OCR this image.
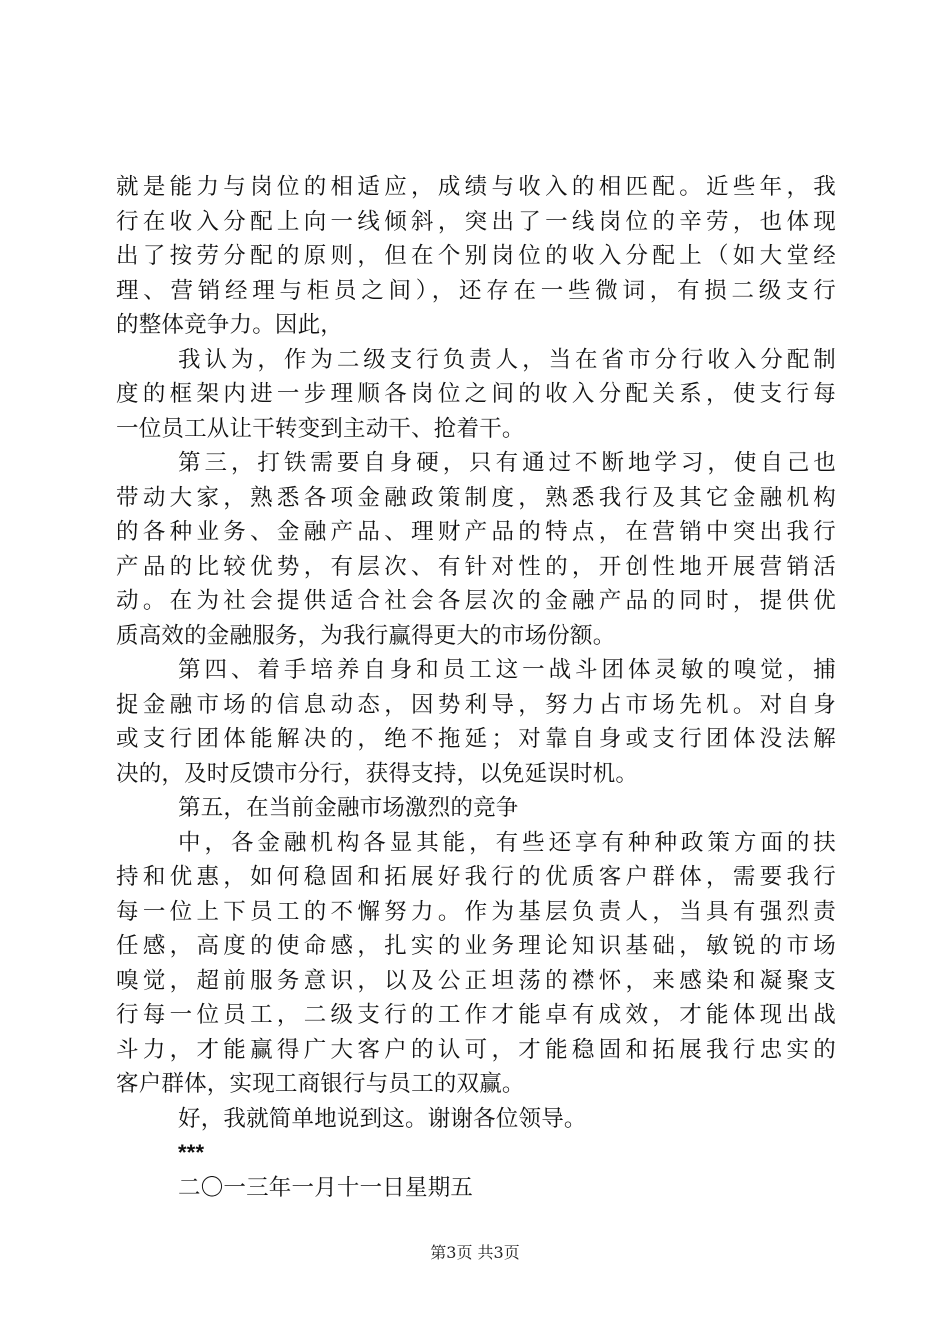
就是能力与岗位的相适应，成绩与收入的相匹配。近些年，我
行在收入分配上向一线倾斜，突出了一线岗位的辛劳，也体现
出了按劳分配的原则，但在个别岗位的收入分配上（如大堂经
理、营销经理与柜员之间），还存在一些微词，有损二级支行
的整体竞争力。因此，
我认为，作为二级支行负责人，当在省市分行收入分配制
度的框架内进一步理顺各岗位之间的收入分配关系，使支行每
一位员工从让干转变到主动干、抢着干。
第三，打铁需要自身硬，只有通过不断地学习，使自己也
带动大家，熟悉各项金融政策制度，熟悉我行及其它金融机构
的各种业务、金融产品、理财产品的特点，在营销中突出我行
产品的比较优势，有层次、有针对性的，开创性地开展营销活
动。在为社会提供适合社会各层次的金融产品的同时，提供优
质高效的金融服务，为我行赢得更大的市场份额。
第四、着手培养自身和员工这一战斗团体灵敏的嗅觉，捕
捉金融市场的信息动态，因势利导，努力占市场先机。对自身
或支行团体能解决的，绝不拖延；对靠自身或支行团体没法解
决的，及时反馈市分行，获得支持，以免延误时机。
第五，在当前金融市场激烈的竞争
中，各金融机构各显其能，有些还享有种种政策方面的扶
持和优惠，如何稳固和拓展好我行的优质客户群体，需要我行
每一位上下员工的不懈努力。作为基层负责人，当具有强烈责
任感，高度的使命感，扎实的业务理论知识基础，敏锐的市场
嗅觉，超前服务意识，以及公正坦荡的襟怀，来感染和凝聚支
行每一位员工，二级支行的工作才能卓有成效，才能体现出战
斗力，才能赢得广大客户的认可，才能稳固和拓展我行忠实的
客户群体，实现工商银行与员工的双赢。
好，我就简单地说到这。谢谢各位领导。
***
二〇一三年一月十一日星期五
第3页 共3页
